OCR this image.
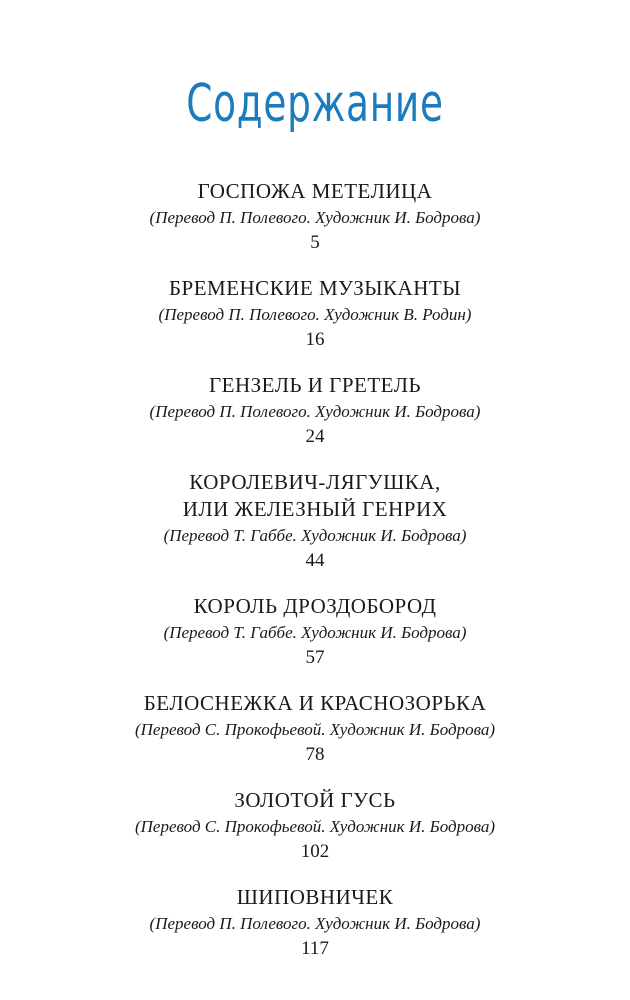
Содержание

ГОСПОЖА МЕТЕЛИЦА

(Перевод П. Полевого. Художник И. Бодрова)

5

БРЕМЕНСКИЕ МУЗЫКАНТЫ

(Перевод П. Полевого. Художник В. Родин)

16

ГЕНЗЕЛЬ И ГРЕТЕЛЬ

(Перевод П. Полевого. Художник И. Бодрова)

24

КОРОЛЕВИЧ-ЛЯГУШКА,
ИЛИ ЖЕЛЕЗНЫЙ ГЕНРИХ

(Перевод Т. Габбе. Художник И. Бодрова)

44

КОРОЛЬ ДРОЗДОБОРОД

(Перевод Т. Габбе. Художник И. Бодрова)

57

БЕЛОСНЕЖКА И КРАСНОЗОРЬКА

(Перевод С. Прокофьевой. Художник И. Бодрова)

78

ЗОЛОТОЙ ГУСЬ

(Перевод С. Прокофьевой. Художник И. Бодрова)

102

ШИПОВНИЧЕК

(Перевод П. Полевого. Художник И. Бодрова)

117
